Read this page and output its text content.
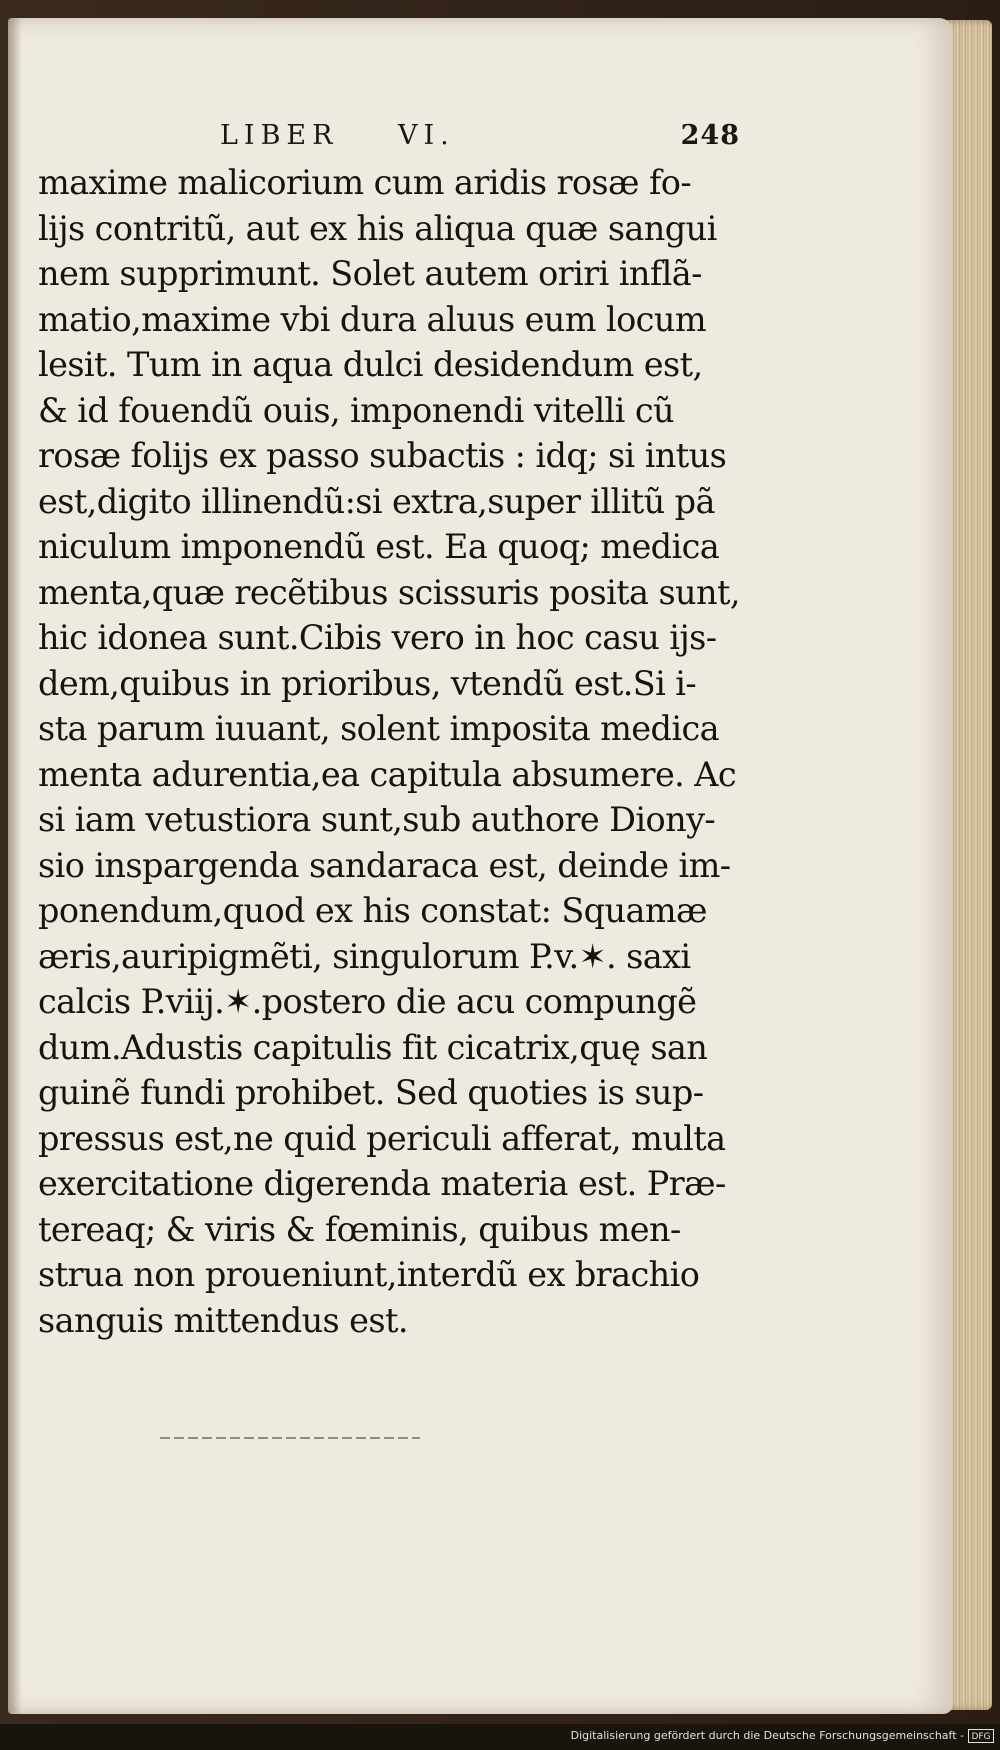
LIBER VI.	248
maxime malicorium cum aridis rosæ fo-
lijs contritũ, aut ex his aliqua quæ sangui
nem supprimunt. Solet autem oriri inflã-
matio,maxime vbi dura aluus eum locum
lesit. Tum in aqua dulci desidendum est,
& id fouendũ ouis, imponendi vitelli cũ
rosæ folijs ex passo subactis : idq; si intus
est,digito illinendũ:si extra,super illitũ pã
niculum imponendũ est. Ea quoq; medica
menta,quæ recẽtibus scissuris posita sunt,
hic idonea sunt.Cibis vero in hoc casu ijs-
dem,quibus in prioribus, vtendũ est.Si i-
sta parum iuuant, solent imposita medica
menta adurentia,ea capitula absumere. Ac
si iam vetustiora sunt,sub authore Diony-
sio inspargenda sandaraca est, deinde im-
ponendum,quod ex his constat: Squamæ
æris,auripigmẽti, singulorum P.v.✶. saxi
calcis P.viij.✶.postero die acu compungẽ
dum.Adustis capitulis fit cicatrix,quę san
guinẽ fundi prohibet. Sed quoties is sup-
pressus est,ne quid periculi afferat, multa
exercitatione digerenda materia est. Præ-
tereaq; & viris & fœminis, quibus men-
strua non proueniunt,interdũ ex brachio
sanguis mittendus est.
Digitalisierung gefördert durch die Deutsche Forschungsgemeinschaft - DFG
